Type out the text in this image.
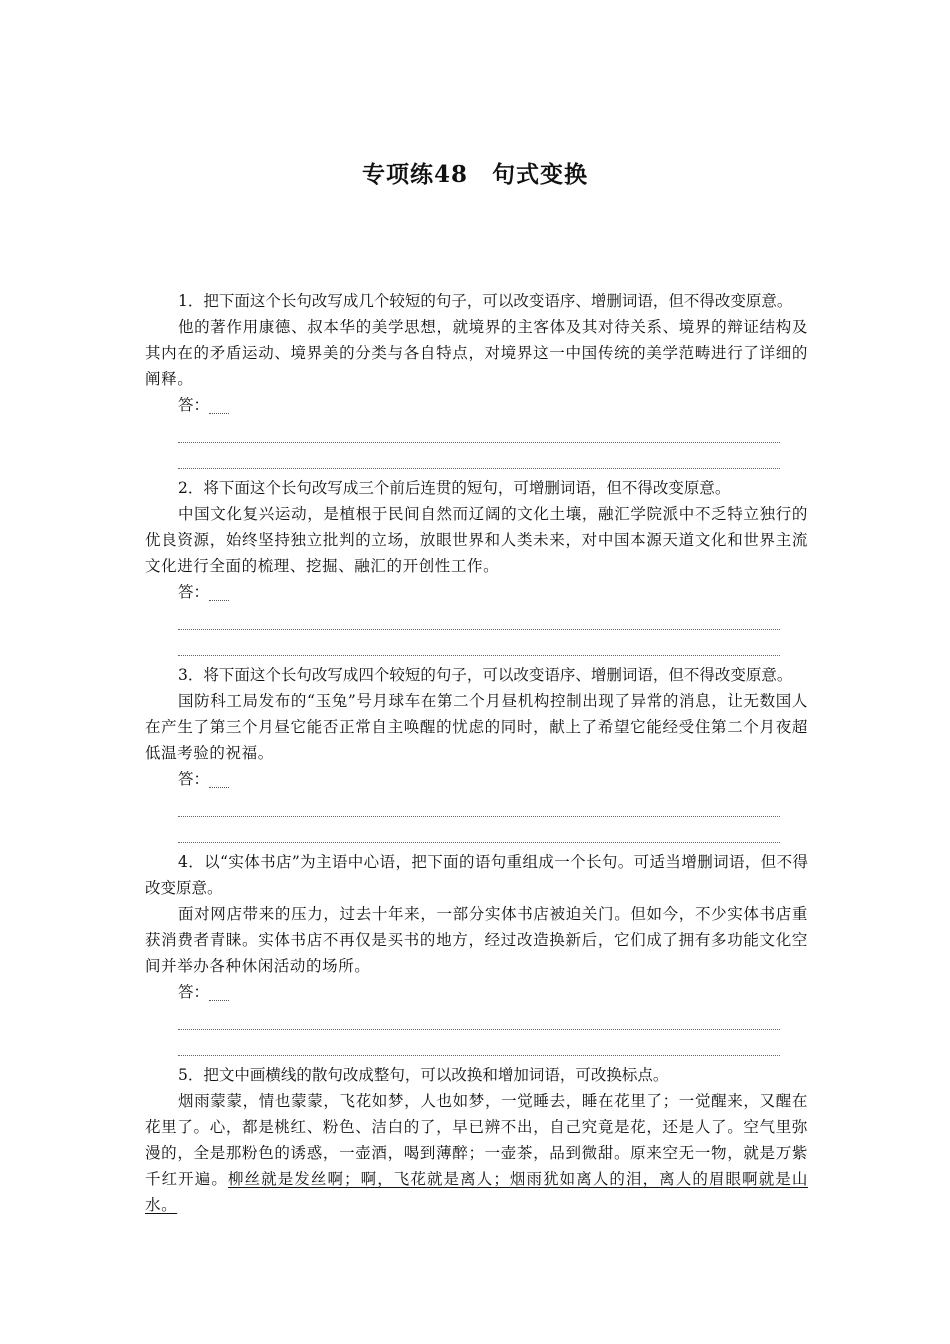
专项练48　句式变换

1．把下面这个长句改写成几个较短的句子，可以改变语序、增删词语，但不得改变原意。

他的著作用康德、叔本华的美学思想，就境界的主客体及其对待关系、境界的辩证结构及其内在的矛盾运动、境界美的分类与各自特点，对境界这一中国传统的美学范畴进行了详细的阐释。

答：

2．将下面这个长句改写成三个前后连贯的短句，可增删词语，但不得改变原意。

中国文化复兴运动，是植根于民间自然而辽阔的文化土壤，融汇学院派中不乏特立独行的优良资源，始终坚持独立批判的立场，放眼世界和人类未来，对中国本源天道文化和世界主流文化进行全面的梳理、挖掘、融汇的开创性工作。

答：

3．将下面这个长句改写成四个较短的句子，可以改变语序、增删词语，但不得改变原意。

国防科工局发布的“玉兔”号月球车在第二个月昼机构控制出现了异常的消息，让无数国人在产生了第三个月昼它能否正常自主唤醒的忧虑的同时，献上了希望它能经受住第二个月夜超低温考验的祝福。

答：

4．以“实体书店”为主语中心语，把下面的语句重组成一个长句。可适当增删词语，但不得改变原意。

面对网店带来的压力，过去十年来，一部分实体书店被迫关门。但如今，不少实体书店重获消费者青睐。实体书店不再仅是买书的地方，经过改造换新后，它们成了拥有多功能文化空间并举办各种休闲活动的场所。

答：

5．把文中画横线的散句改成整句，可以改换和增加词语，可改换标点。

烟雨蒙蒙，情也蒙蒙，飞花如梦，人也如梦，一觉睡去，睡在花里了；一觉醒来，又醒在花里了。心，都是桃红、粉色、洁白的了，早已辨不出，自己究竟是花，还是人了。空气里弥漫的，全是那粉色的诱惑，一壶酒，喝到薄醉；一壶茶，品到微甜。原来空无一物，就是万紫千红开遍。柳丝就是发丝啊；啊，飞花就是离人；烟雨犹如离人的泪，离人的眉眼啊就是山水。
